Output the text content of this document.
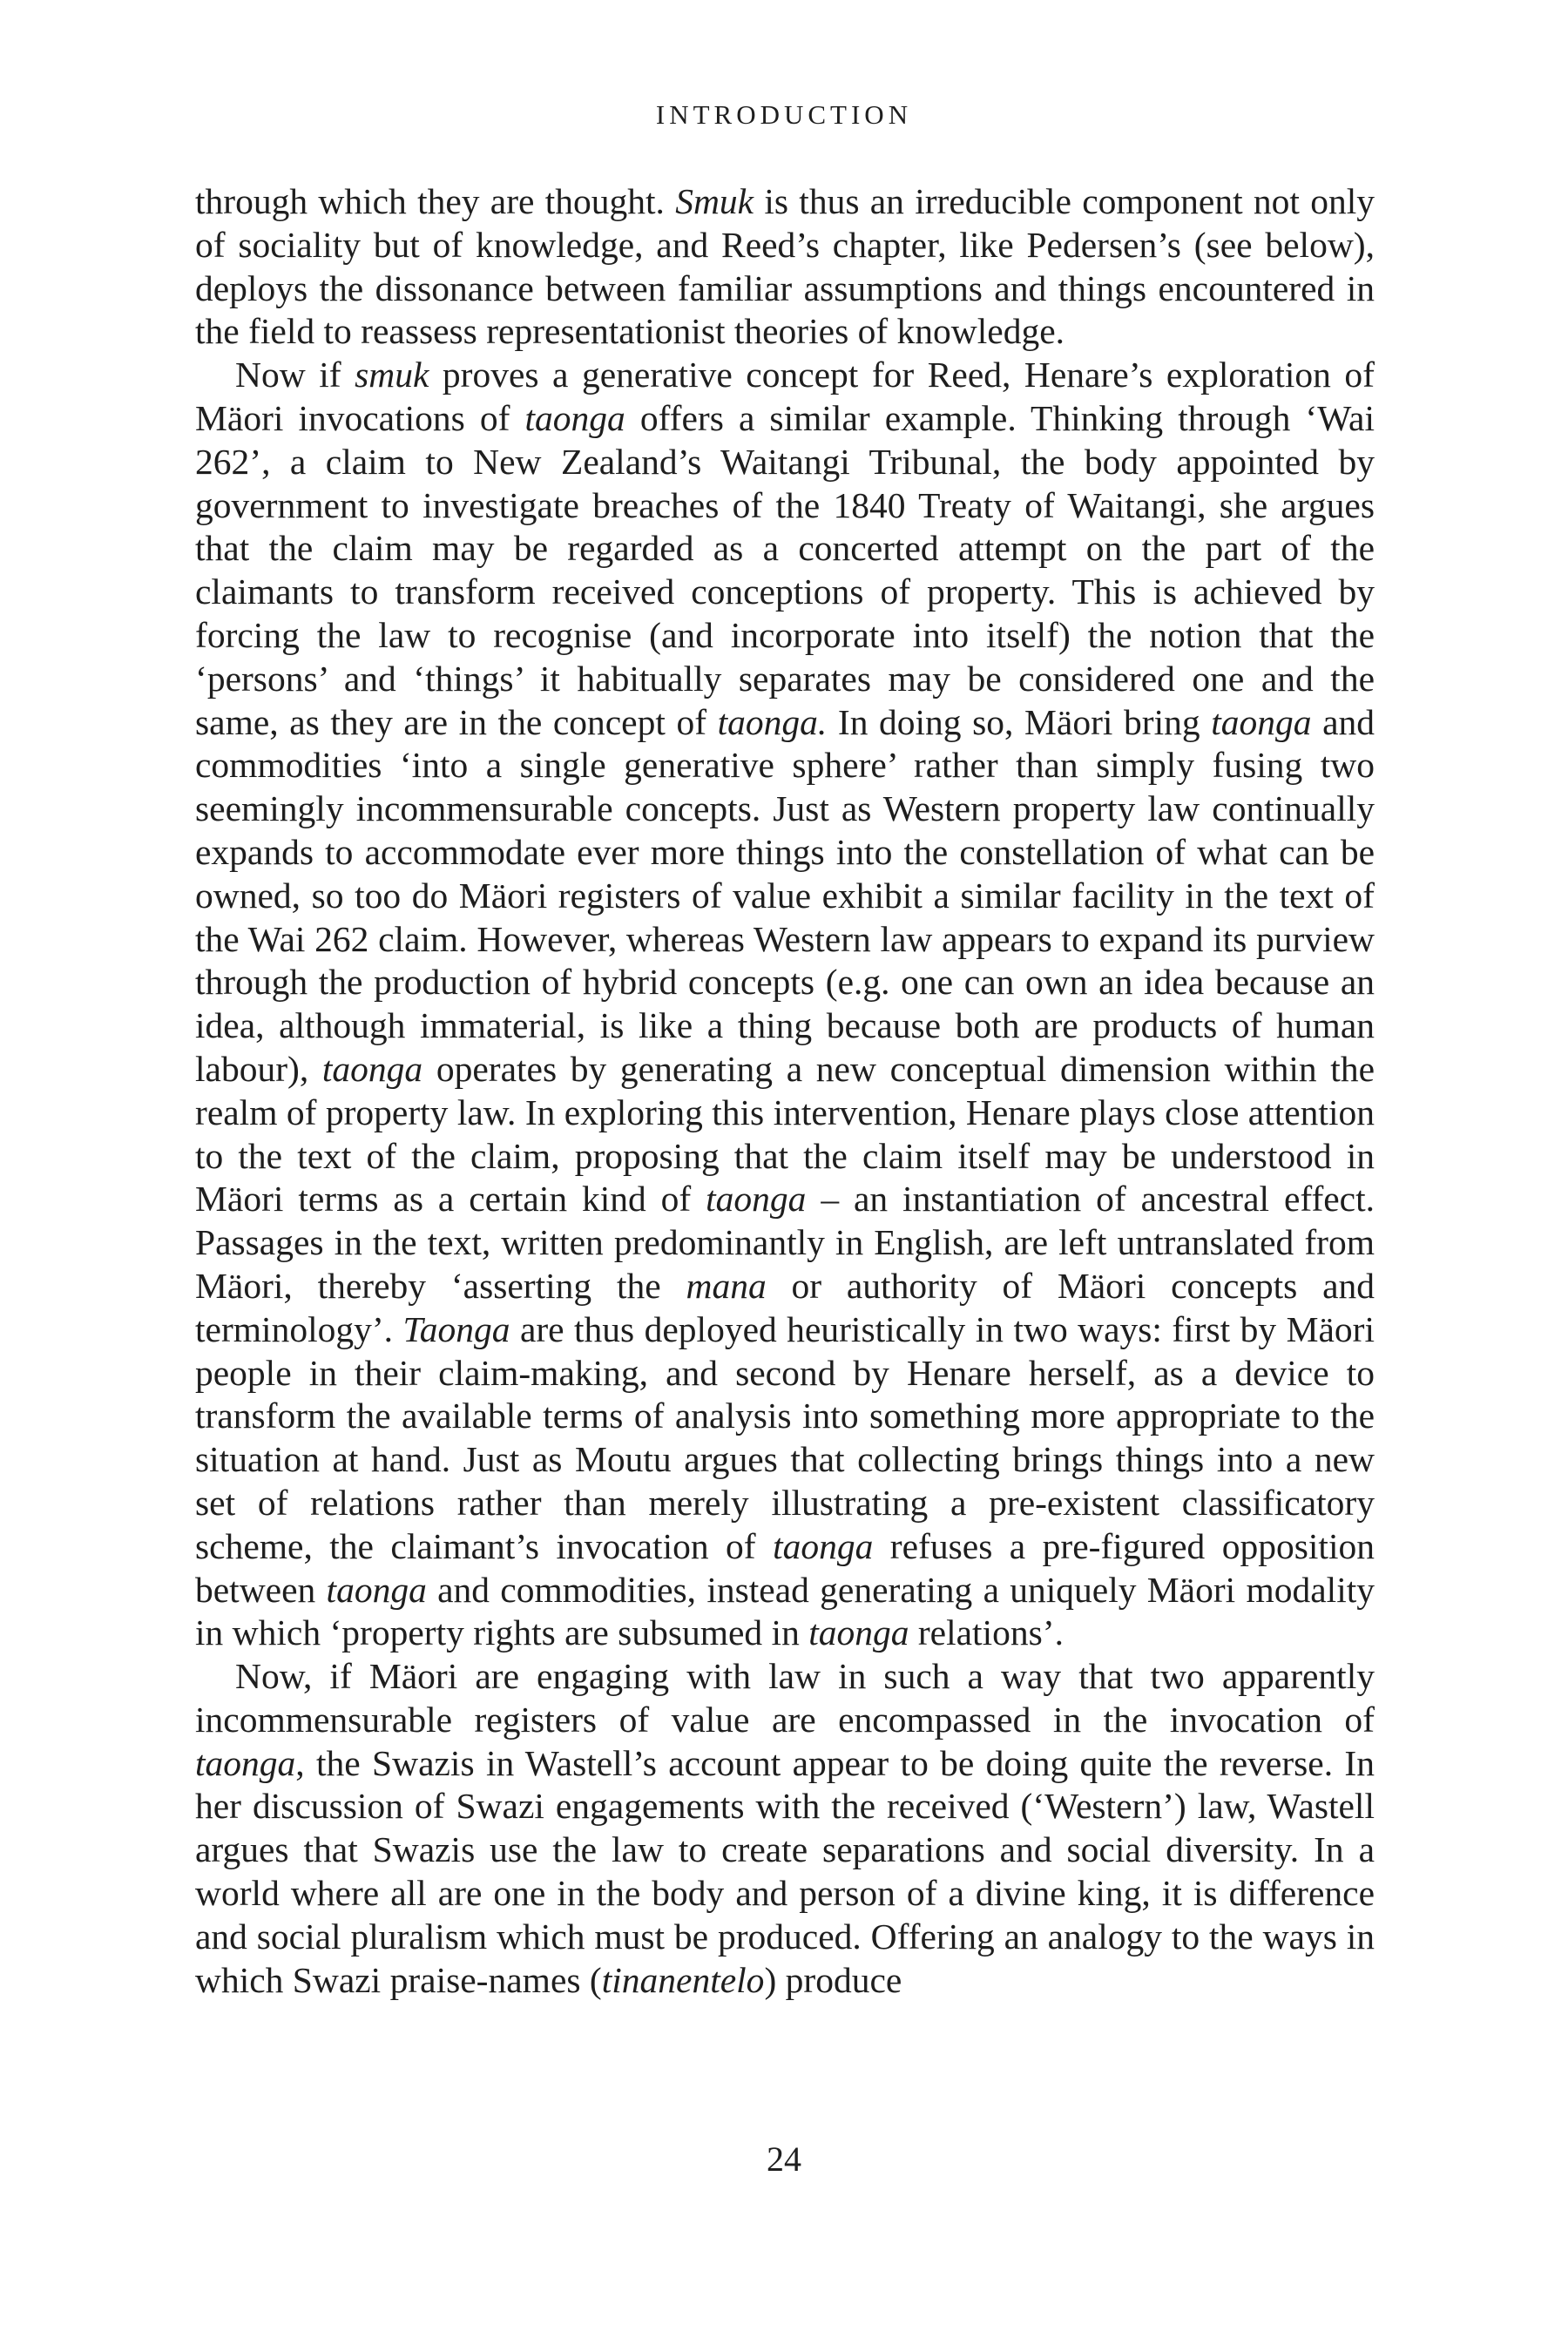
INTRODUCTION

through which they are thought. Smuk is thus an irreducible component not only of sociality but of knowledge, and Reed’s chapter, like Pedersen’s (see below), deploys the dissonance between familiar assumptions and things encountered in the field to reassess representationist theories of knowledge.

Now if smuk proves a generative concept for Reed, Henare’s exploration of Mäori invocations of taonga offers a similar example. Thinking through ‘Wai 262’, a claim to New Zealand’s Waitangi Tribunal, the body appointed by government to investigate breaches of the 1840 Treaty of Waitangi, she argues that the claim may be regarded as a concerted attempt on the part of the claimants to transform received conceptions of property. This is achieved by forcing the law to recognise (and incorporate into itself) the notion that the ‘persons’ and ‘things’ it habitually separates may be considered one and the same, as they are in the concept of taonga. In doing so, Mäori bring taonga and commodities ‘into a single generative sphere’ rather than simply fusing two seemingly incommensurable concepts. Just as Western property law continually expands to accommodate ever more things into the constellation of what can be owned, so too do Mäori registers of value exhibit a similar facility in the text of the Wai 262 claim. However, whereas Western law appears to expand its purview through the production of hybrid concepts (e.g. one can own an idea because an idea, although immaterial, is like a thing because both are products of human labour), taonga operates by generating a new conceptual dimension within the realm of property law. In exploring this intervention, Henare plays close attention to the text of the claim, proposing that the claim itself may be understood in Mäori terms as a certain kind of taonga – an instantiation of ancestral effect. Passages in the text, written predominantly in English, are left untranslated from Mäori, thereby ‘asserting the mana or authority of Mäori concepts and terminology’. Taonga are thus deployed heuristically in two ways: first by Mäori people in their claim-making, and second by Henare herself, as a device to transform the available terms of analysis into something more appropriate to the situation at hand. Just as Moutu argues that collecting brings things into a new set of relations rather than merely illustrating a pre-existent classificatory scheme, the claimant’s invocation of taonga refuses a pre-figured opposition between taonga and commodities, instead generating a uniquely Mäori modality in which ‘property rights are subsumed in taonga relations’.

Now, if Mäori are engaging with law in such a way that two apparently incommensurable registers of value are encompassed in the invocation of taonga, the Swazis in Wastell’s account appear to be doing quite the reverse. In her discussion of Swazi engagements with the received (‘Western’) law, Wastell argues that Swazis use the law to create separations and social diversity. In a world where all are one in the body and person of a divine king, it is difference and social pluralism which must be produced. Offering an analogy to the ways in which Swazi praise-names (tinanentelo) produce

24
